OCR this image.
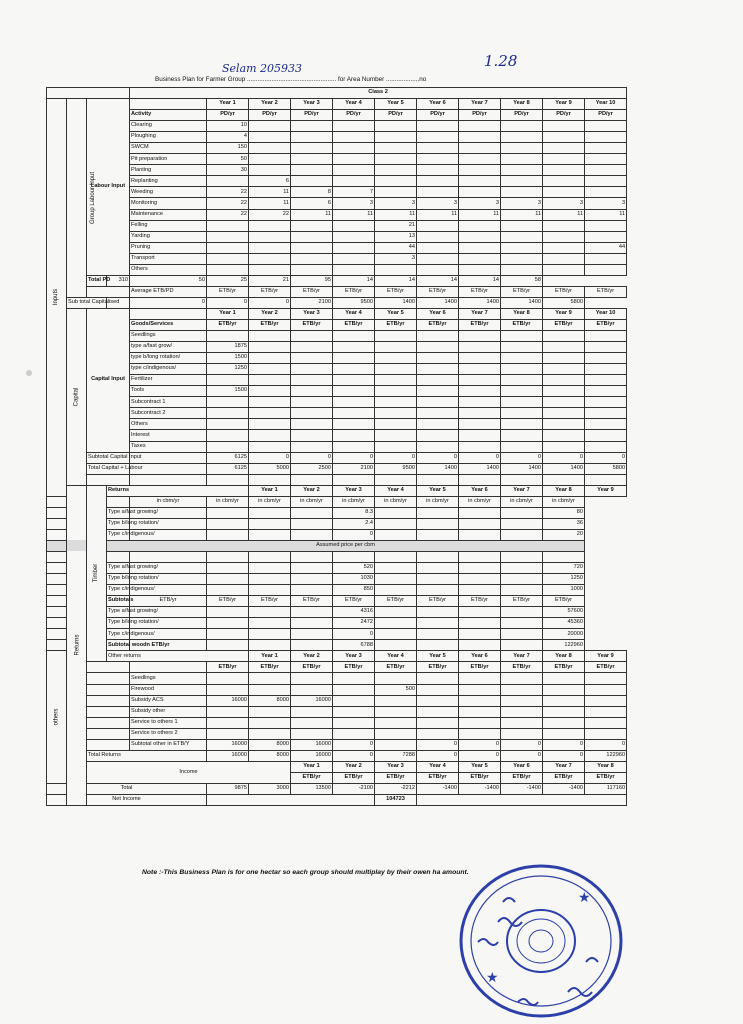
Business Plan for Farmer Group ................................................... for Area Number ...................no
Selam 205933	1.28
				Class 2											
Inputs	Group Labour Input	Labour Input			Year 1	Year 2	Year 3	Year 4	Year 5	Year 6	Year 7	Year 8	Year 9	Year 10	
				Activity	PD/yr	PD/yr	PD/yr	PD/yr	PD/yr	PD/yr	PD/yr	PD/yr	PD/yr	PD/yr	
				Clearing	10										
				Ploughing	4										
				SWCM	150										
				Pit preparation	50										
				Planting	30										
				Replanting		6									
				Weeding	22	11	8	7							
				Monitoring	22	11	6	3	3	3	3	3	3	3	
				Maintenance	22	22	11	11	11	11	11	11	11	11	
				Felling					21						
				Yarding					13						
				Pruning					44					44	
				Transport					3						
				Others											
		Total PD	310	50	25	21	95	14	14	14	14	58			
				Average ETB/PD	ETB/yr	ETB/yr	ETB/yr	ETB/yr	ETB/yr	ETB/yr	ETB/yr	ETB/yr	ETB/yr	ETB/yr	
	Sub total Capitalised			0	0	0	2100	9500	1400	1400	1400	1400	5800		
	Capital	Capital Input			Year 1	Year 2	Year 3	Year 4	Year 5	Year 6	Year 7	Year 8	Year 9	Year 10	
				Goods/Services	ETB/yr	ETB/yr	ETB/yr	ETB/yr	ETB/yr	ETB/yr	ETB/yr	ETB/yr	ETB/yr	ETB/yr	
				Seedlings											
				type a/fast grow/	1875										
				type b/long rotation/	1500										
				type c/indigenous/	1250										
				Fertilizer											
				Tools	1500										
				Subcontract 1											
				Subcontract 2											
				Others											
				Interest											
				Taxes											
		Subtotal Capital Input			6125	0	0	0	0	0	0	0	0	0	
		Total Capital + Labour			6125	5000	2500	2100	9500	1400	1400	1400	1400	5800	

	Returns	Timber	Returns			Year 1	Year 2	Year 3	Year 4	Year 5	Year 6	Year 7	Year 8	Year 9	
				in cbm/yr	in cbm/yr	in cbm/yr	in cbm/yr	in cbm/yr	in cbm/yr	in cbm/yr	in cbm/yr	in cbm/yr	in cbm/yr		
			Type a/fast growing/					8.3					80		
			Type b/long rotation/					2.4					36		
			Type c/indigenous/					0					20		
			Assumed price per cbm												

			Type a/fast growing/					520					720		
			Type b/long rotation/					1030					1250		
			Type c/indigenous/					850					1000		
			Subtotals	ETB/yr	ETB/yr	ETB/yr	ETB/yr	ETB/yr	ETB/yr	ETB/yr	ETB/yr	ETB/yr	ETB/yr		
			Type a/fast growing/					4316					57600		
			Type b/long rotation/					2472					45360		
			Type c/indigenous/					0					20000		
			Subtotal woodn ETB/yr					6788					122960		
others			Other returns			Year 1	Year 2	Year 3	Year 4	Year 5	Year 6	Year 7	Year 8	Year 9	
					ETB/yr	ETB/yr	ETB/yr	ETB/yr	ETB/yr	ETB/yr	ETB/yr	ETB/yr	ETB/yr	ETB/yr	
				Seedlings											
				Firewood					500						
				Subsidy ACS	16000	8000	16000								
				Subsidy other											
				Service to others 1											
				Service to others 2											
				Subtotal other in ETB/Y	16000	8000	16000	0		0	0	0	0	0	
		Total Returns			16000	8000	16000	0	7288	0	0	0	0	122960	
		Income					Year 1	Year 2	Year 3	Year 4	Year 5	Year 6	Year 7	Year 8		
							ETB/yr	ETB/yr	ETB/yr	ETB/yr	ETB/yr	ETB/yr	ETB/yr	ETB/yr		
Total					9875	3000	13500	-2100	-2212	-1400	-1400	-1400	-1400	117160	
Net Income									104723						
Note :-This Business Plan is for one hectar so each group should multiplay by their owen ha amount.
★
★
